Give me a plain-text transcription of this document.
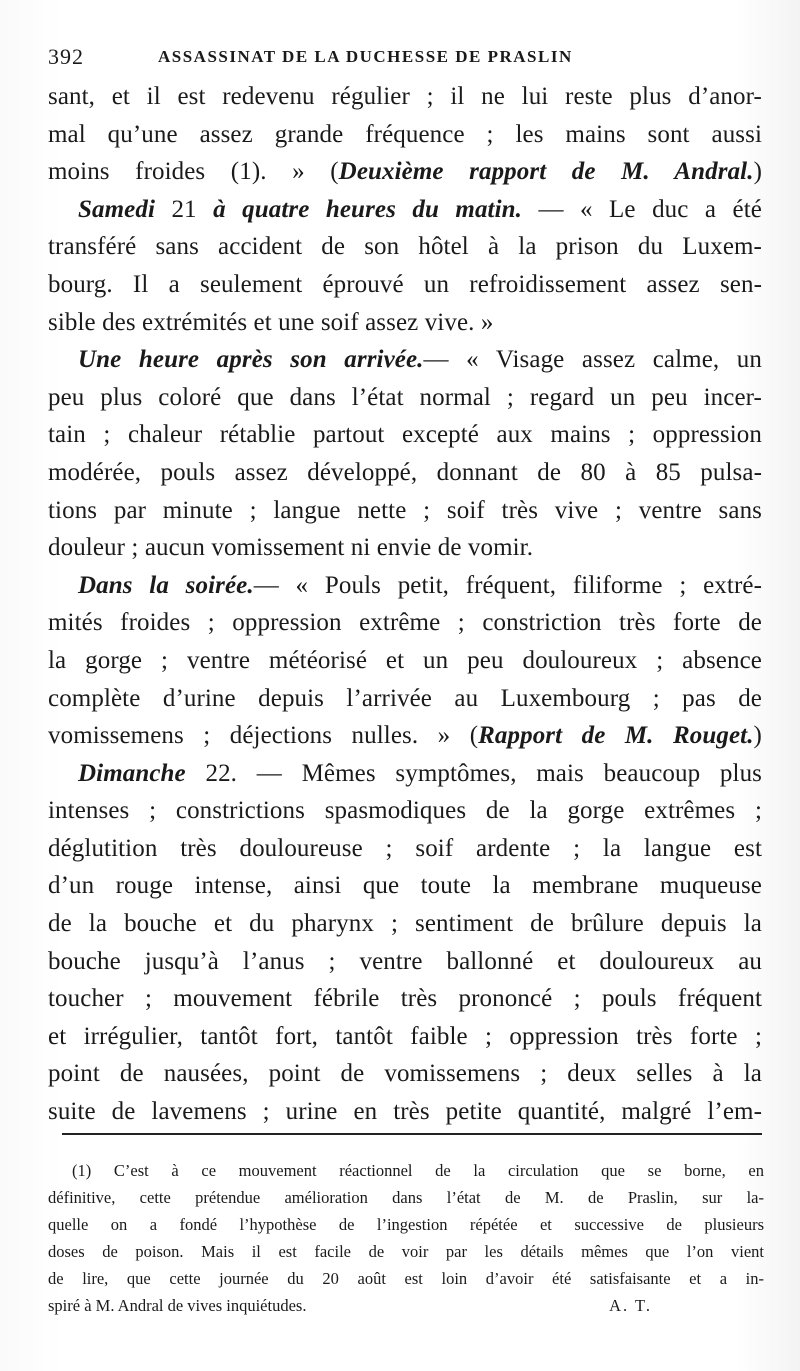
392	ASSASSINAT DE LA DUCHESSE DE PRASLIN
sant, et il est redevenu régulier ; il ne lui reste plus d’anor-
mal qu’une assez grande fréquence ; les mains sont aussi
moins froides (1). » (Deuxième rapport de M. Andral.)
Samedi 21 à quatre heures du matin. — « Le duc a été
transféré sans accident de son hôtel à la prison du Luxem-
bourg. Il a seulement éprouvé un refroidissement assez sen-
sible des extrémités et une soif assez vive. »
Une heure après son arrivée.— « Visage assez calme, un
peu plus coloré que dans l’état normal ; regard un peu incer-
tain ; chaleur rétablie partout excepté aux mains ; oppression
modérée, pouls assez développé, donnant de 80 à 85 pulsa-
tions par minute ; langue nette ; soif très vive ; ventre sans
douleur ; aucun vomissement ni envie de vomir.
Dans la soirée.— « Pouls petit, fréquent, filiforme ; extré-
mités froides ; oppression extrême ; constriction très forte de
la gorge ; ventre météorisé et un peu douloureux ; absence
complète d’urine depuis l’arrivée au Luxembourg ; pas de
vomissemens ; déjections nulles. » (Rapport de M. Rouget.)
Dimanche 22. — Mêmes symptômes, mais beaucoup plus
intenses ; constrictions spasmodiques de la gorge extrêmes ;
déglutition très douloureuse ; soif ardente ; la langue est
d’un rouge intense, ainsi que toute la membrane muqueuse
de la bouche et du pharynx ; sentiment de brûlure depuis la
bouche jusqu’à l’anus ; ventre ballonné et douloureux au
toucher ; mouvement fébrile très prononcé ; pouls fréquent
et irrégulier, tantôt fort, tantôt faible ; oppression très forte ;
point de nausées, point de vomissemens ; deux selles à la
suite de lavemens ; urine en très petite quantité, malgré l’em-
(1) C’est à ce mouvement réactionnel de la circulation que se borne, en
définitive, cette prétendue amélioration dans l’état de M. de Praslin, sur la-
quelle on a fondé l’hypothèse de l’ingestion répétée et successive de plusieurs
doses de poison. Mais il est facile de voir par les détails mêmes que l’on vient
de lire, que cette journée du 20 août est loin d’avoir été satisfaisante et a in-
spiré à M. Andral de vives inquiétudes.	A. T.
